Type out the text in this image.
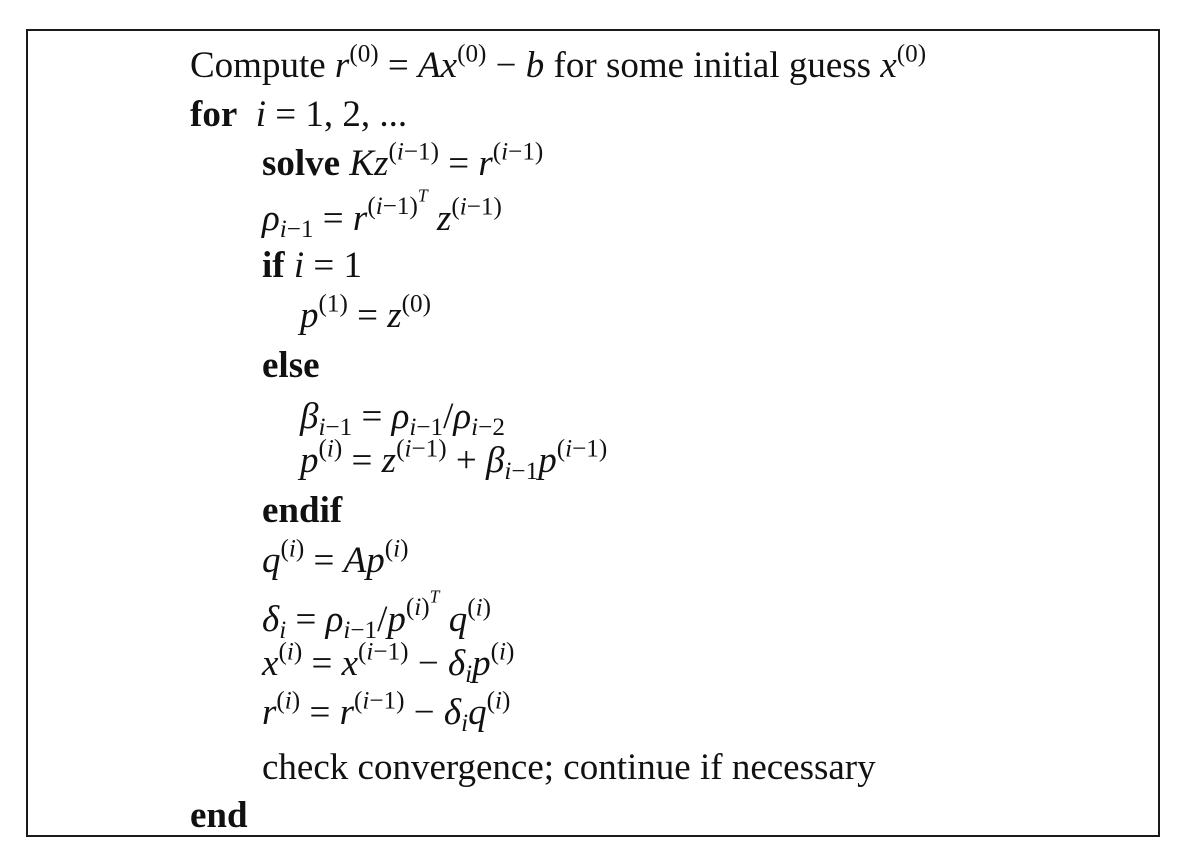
Compute $r^{(0)} = Ax^{(0)} - b$ for some initial guess $x^{(0)}$
for i = 1, 2, ...
solve $Kz^{(i-1)} = r^{(i-1)}$
$\rho_{i-1} = r^{(i-1)^T}$ $z^{(i-1)}$
if i = 1
$p^{(1)} = z^{(0)}$
else
$\beta_{i-1} = \rho_{i-1}/\rho_{i-2}$
$p^{(i)} = z^{(i-1)} + \beta_{i-1}p^{(i-1)}$
endif
$q^{(i)} = Ap^{(i)}$
$\delta_i = \rho_{i-1}/p^{(i)^T}$ $q^{(i)}$
$x^{(i)} = x^{(i-1)} - \delta_ip^{(i)}$
$r^{(i)} = r^{(i-1)} - \delta_iq^{(i)}$
check convergence; continue if necessary
end
